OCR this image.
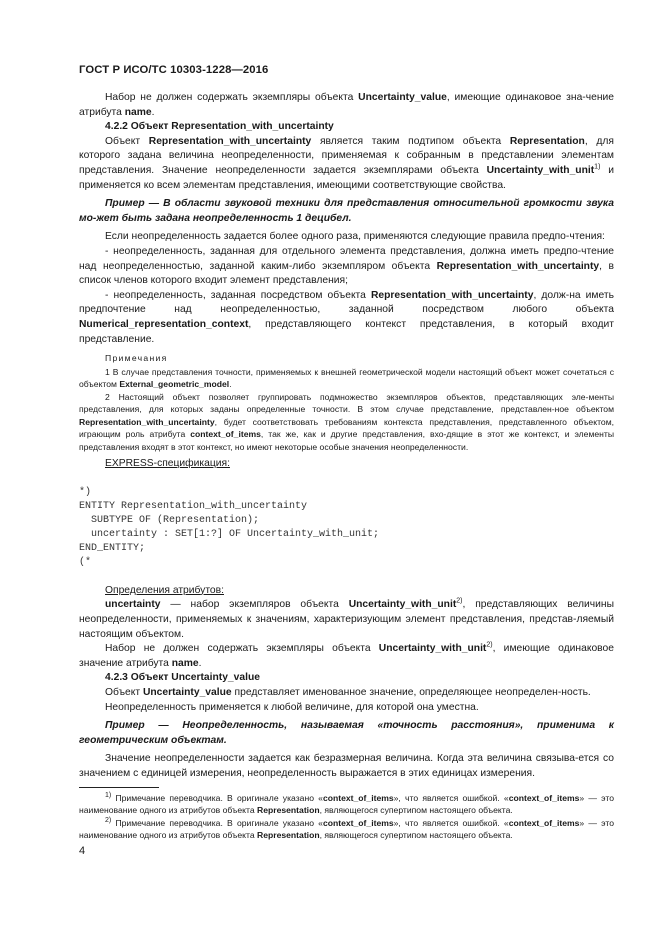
ГОСТ Р ИСО/ТС 10303-1228—2016

Набор не должен содержать экземпляры объекта Uncertainty_value, имеющие одинаковое зна-чение атрибута name.

4.2.2 Объект Representation_with_uncertainty

Объект Representation_with_uncertainty является таким подтипом объекта Representation, для которого задана величина неопределенности, применяемая к собранным в представлении элементам представления. Значение неопределенности задается экземплярами объекта Uncertainty_with_unit$^{1)}$ и применяется ко всем элементам представления, имеющими соответствующие свойства.

Пример — В области звуковой техники для представления относительной громкости звука мо-жет быть задана неопределенность 1 децибел.

Если неопределенность задается более одного раза, применяются следующие правила предпо-чтения:

- неопределенность, заданная для отдельного элемента представления, должна иметь предпо-чтение над неопределенностью, заданной каким-либо экземпляром объекта Representation_with_uncertainty, в список членов которого входит элемент представления;

- неопределенность, заданная посредством объекта Representation_with_uncertainty, долж-на иметь предпочтение над неопределенностью, заданной посредством любого объекта Numerical_representation_context, представляющего контекст представления, в который входит представление.

Примечания

1 В случае представления точности, применяемых к внешней геометрической модели настоящий объект может сочетаться с объектом External_geometric_model.

2 Настоящий объект позволяет группировать подмножество экземпляров объектов, представляющих эле-менты представления, для которых заданы определенные точности. В этом случае представление, представлен-ное объектом Representation_with_uncertainty, будет соответствовать требованиям контекста представления, представленного объектом, играющим роль атрибута context_of_items, так же, как и другие представления, вхо-дящие в этот же контекст, и элементы представления входят в этот контекст, но имеют некоторые особые значения неопределенности.

EXPRESS-спецификация:

*)
ENTITY Representation_with_uncertainty
SUBTYPE OF (Representation);
uncertainty : SET[1:?] OF Uncertainty_with_unit;
END_ENTITY;
(*

Определения атрибутов:

uncertainty — набор экземпляров объекта Uncertainty_with_unit$^{2)}$, представляющих величины неопределенности, применяемых к значениям, характеризующим элемент представления, представ-ляемый настоящим объектом.

Набор не должен содержать экземпляры объекта Uncertainty_with_unit$^{2)}$, имеющие одинаковое значение атрибута name.

4.2.3 Объект Uncertainty_value

Объект Uncertainty_value представляет именованное значение, определяющее неопределен-ность.

Неопределенность применяется к любой величине, для которой она уместна.

Пример — Неопределенность, называемая «точность расстояния», применима к геометрическим объектам.

Значение неопределенности задается как безразмерная величина. Когда эта величина связыва-ется со значением с единицей измерения, неопределенность выражается в этих единицах измерения.

$^{1)}$ Примечание переводчика. В оригинале указано «context_of_items», что является ошибкой. «context_of_items» — это наименование одного из атрибутов объекта Representation, являющегося супертипом настоящего объекта.

$^{2)}$ Примечание переводчика. В оригинале указано «context_of_items», что является ошибкой. «context_of_items» — это наименование одного из атрибутов объекта Representation, являющегося супертипом настоящего объекта.

4
